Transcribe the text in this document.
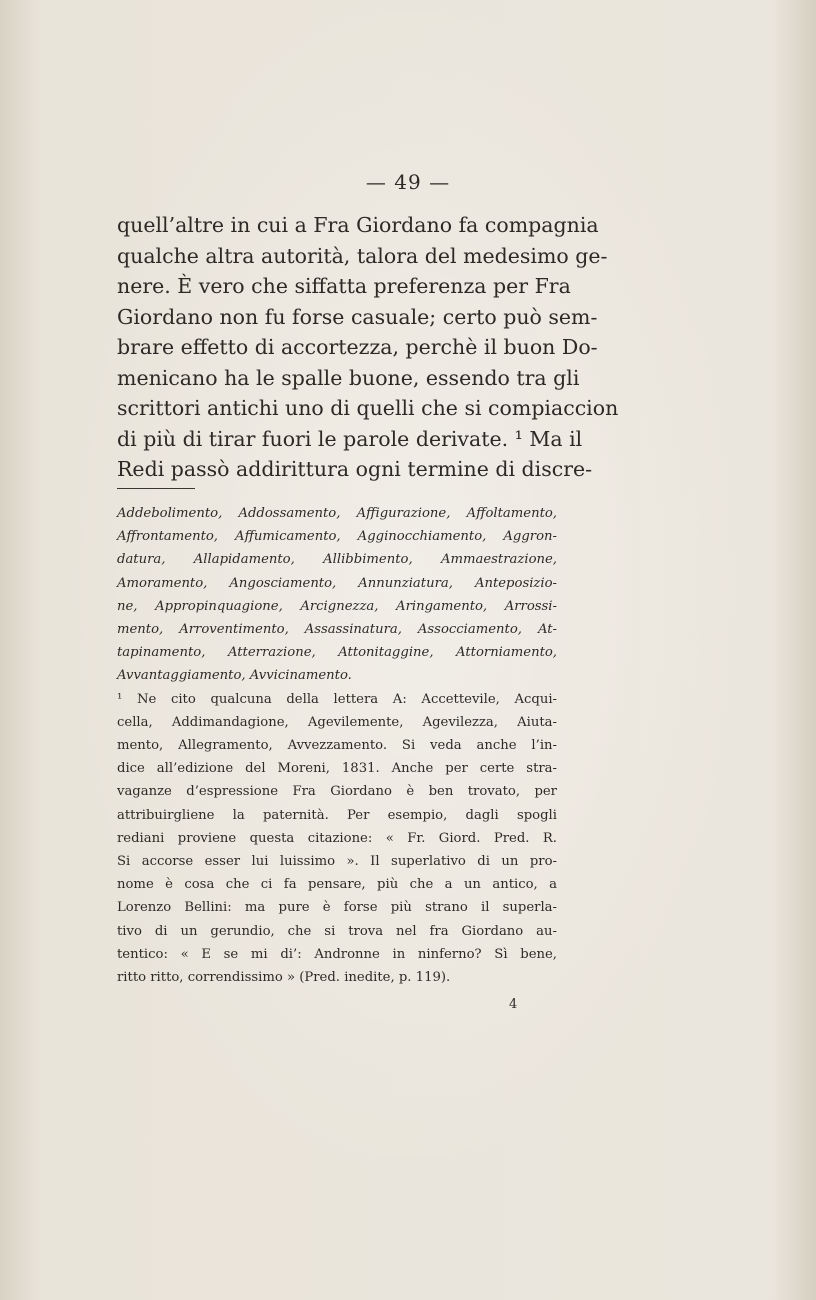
— 49 —
quell’altre in cui a Fra Giordano fa compagnia
qualche altra autorità, talora del medesimo ge-
nere. È vero che siffatta preferenza per Fra
Giordano non fu forse casuale; certo può sem-
brare effetto di accortezza, perchè il buon Do-
menicano ha le spalle buone, essendo tra gli
scrittori antichi uno di quelli che si compiaccion
di più di tirar fuori le parole derivate. ¹ Ma il
Redi passò addirittura ogni termine di discre-
Addebolimento, Addossamento, Affigurazione, Affoltamento,
Affrontamento, Affumicamento, Agginocchiamento, Aggron-
datura, Allapidamento, Allibbimento, Ammaestrazione,
Amoramento, Angosciamento, Annunziatura, Anteposizio-
ne, Appropinquagione, Arcignezza, Aringamento, Arrossi-
mento, Arroventimento, Assassinatura, Assocciamento, At-
tapinamento, Atterrazione, Attonitaggine, Attorniamento,
Avvantaggiamento, Avvicinamento.
¹ Ne cito qualcuna della lettera A: Accettevile, Acqui-
cella, Addimandagione, Agevilemente, Agevilezza, Aiuta-
mento, Allegramento, Avvezzamento. Si veda anche l’in-
dice all’edizione del Moreni, 1831. Anche per certe stra-
vaganze d’espressione Fra Giordano è ben trovato, per
attribuirgliene la paternità. Per esempio, dagli spogli
rediani proviene questa citazione: « Fr. Giord. Pred. R.
Si accorse esser lui luissimo ». Il superlativo di un pro-
nome è cosa che ci fa pensare, più che a un antico, a
Lorenzo Bellini: ma pure è forse più strano il superla-
tivo di un gerundio, che si trova nel fra Giordano au-
tentico: « E se mi di’: Andronne in ninferno? Sì bene,
ritto ritto, correndissimo » (Pred. inedite, p. 119).
4
